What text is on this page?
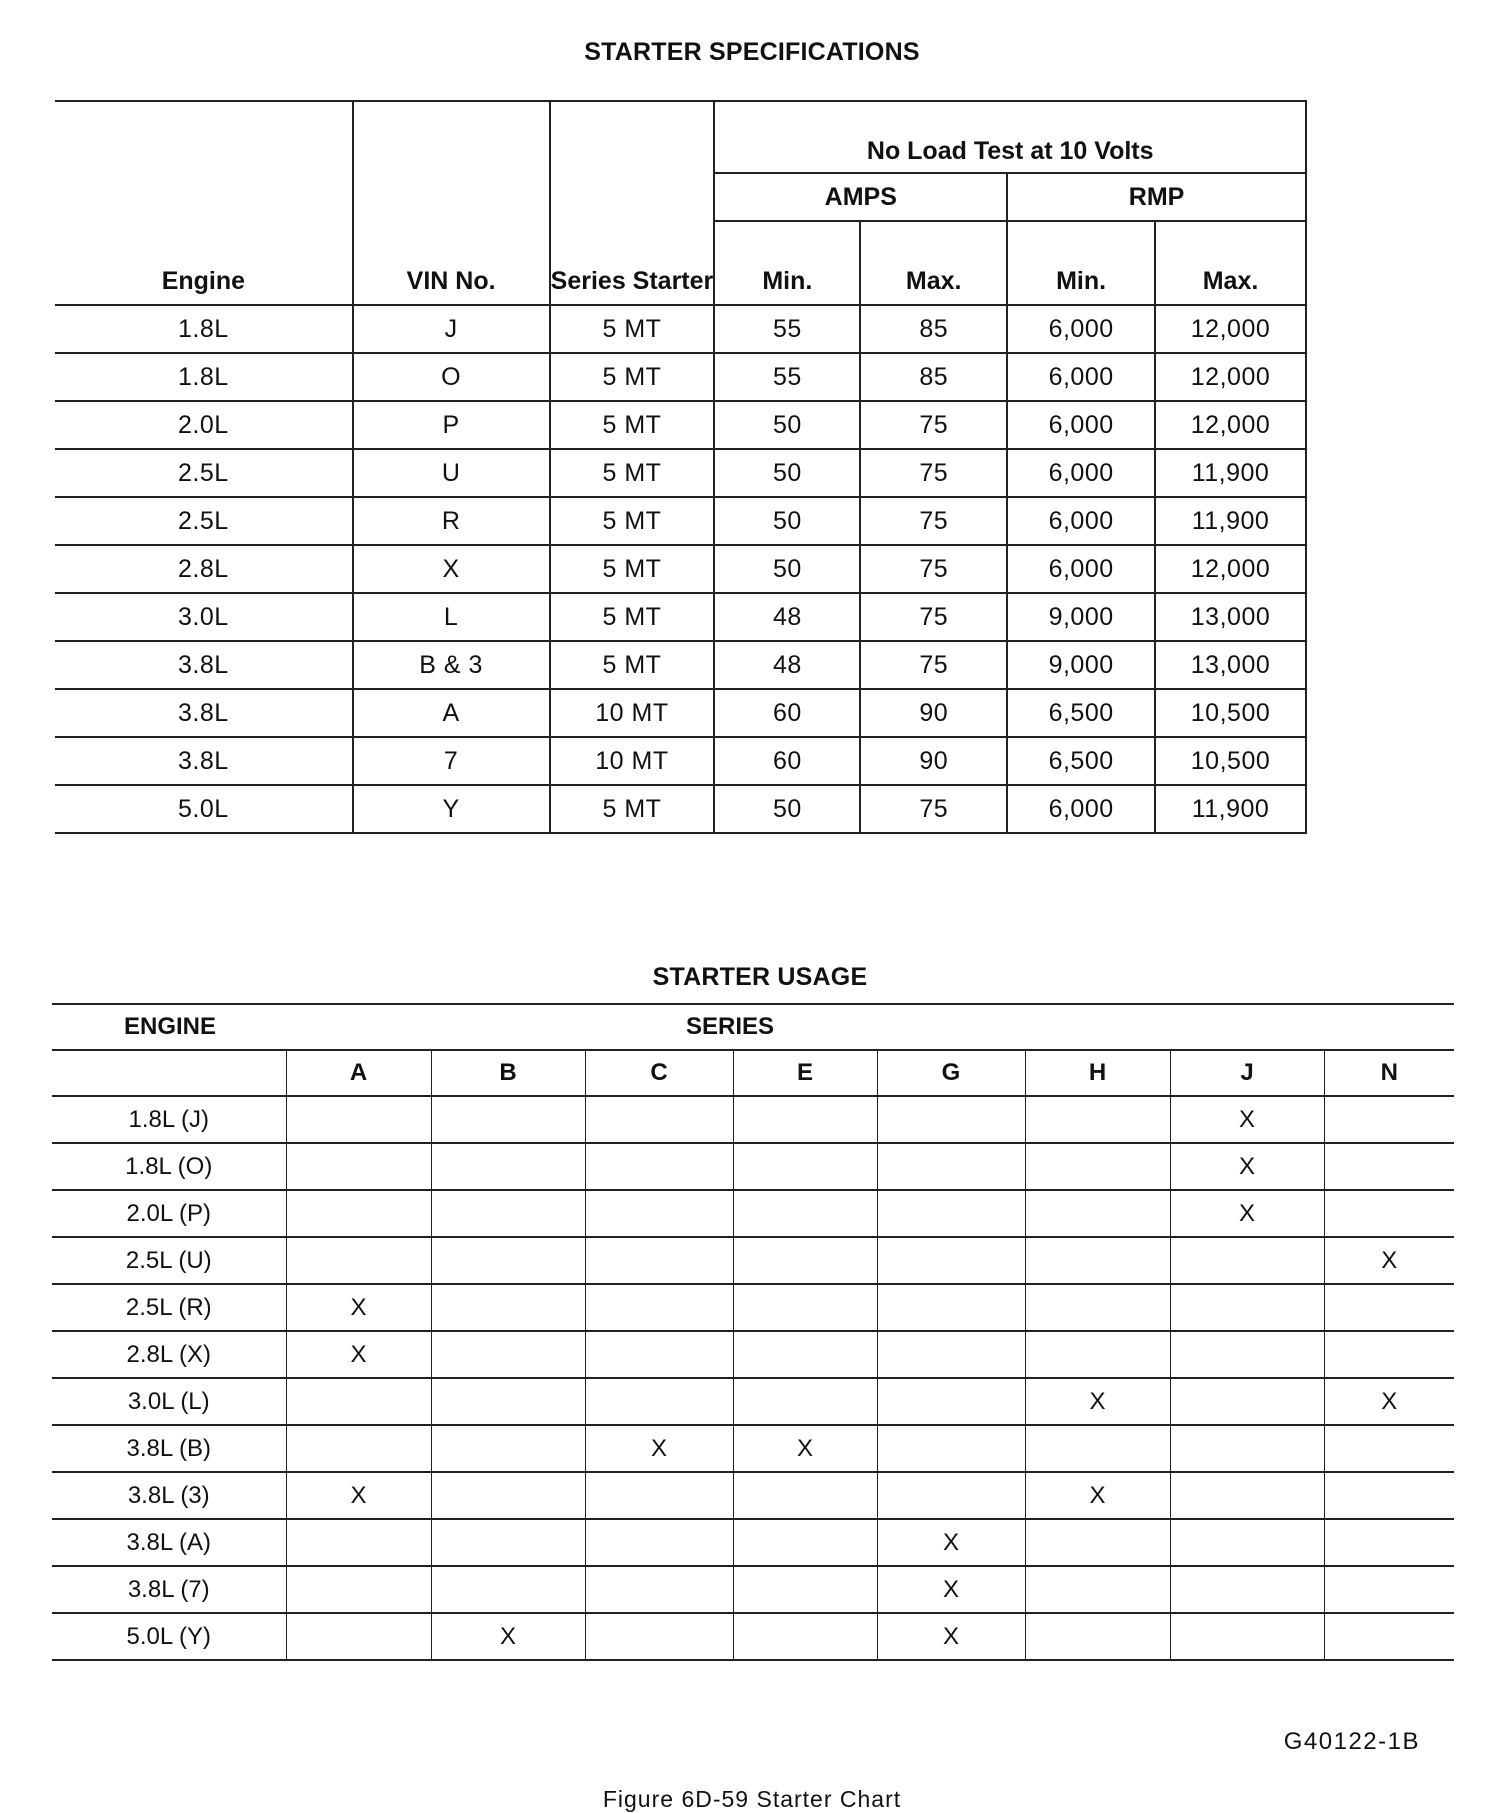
STARTER SPECIFICATIONS
Engine	VIN No.	Series Starter	No Load Test at 10 Volts			
			AMPS		RMP	
			Min.	Max.	Min.	Max.
1.8L	J	5 MT	55	85	6,000	12,000
1.8L	O	5 MT	55	85	6,000	12,000
2.0L	P	5 MT	50	75	6,000	12,000
2.5L	U	5 MT	50	75	6,000	11,900
2.5L	R	5 MT	50	75	6,000	11,900
2.8L	X	5 MT	50	75	6,000	12,000
3.0L	L	5 MT	48	75	9,000	13,000
3.8L	B & 3	5 MT	48	75	9,000	13,000
3.8L	A	10 MT	60	90	6,500	10,500
3.8L	7	10 MT	60	90	6,500	10,500
5.0L	Y	5 MT	50	75	6,000	11,900
STARTER USAGE
ENGINE	SERIES							
	A	B	C	E	G	H	J	N
1.8L (J)							X	
1.8L (O)							X	
2.0L (P)							X	
2.5L (U)								X
2.5L (R)	X							
2.8L (X)	X							
3.0L (L)						X		X
3.8L (B)			X	X				
3.8L (3)	X					X		
3.8L (A)					X			
3.8L (7)					X			
5.0L (Y)		X			X			
G40122-1B
Figure 6D-59 Starter Chart
